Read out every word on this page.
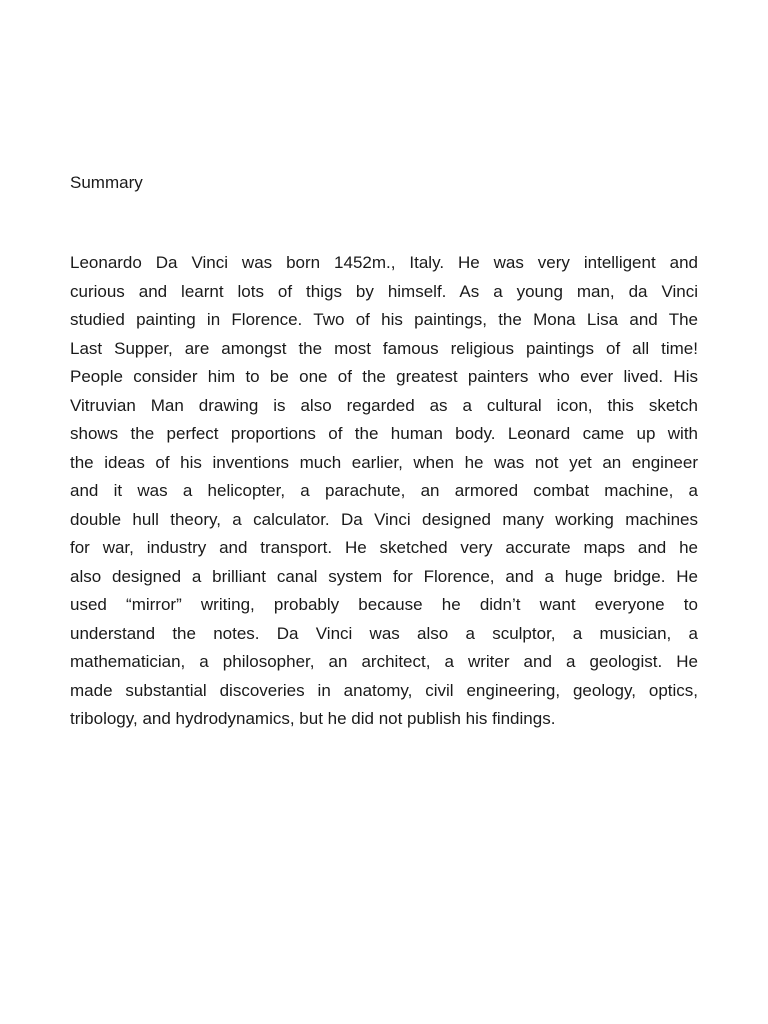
Summary
Leonardo Da Vinci was born 1452m., Italy. He was very intelligent and
curious and learnt lots of thigs by himself. As a young man, da Vinci
studied painting in Florence. Two of his paintings, the Mona Lisa and The
Last Supper, are amongst the most famous religious paintings of all time!
People consider him to be one of the greatest painters who ever lived. His
Vitruvian Man drawing is also regarded as a cultural icon, this sketch
shows the perfect proportions of the human body. Leonard came up with
the ideas of his inventions much earlier, when he was not yet an engineer
and it was a helicopter, a parachute, an armored combat machine, a
double hull theory, a calculator. Da Vinci designed many working machines
for war, industry and transport. He sketched very accurate maps and he
also designed a brilliant canal system for Florence, and a huge bridge. He
used “mirror” writing, probably because he didn’t want everyone to
understand the notes. Da Vinci was also a sculptor, a musician, a
mathematician, a philosopher, an architect, a writer and a geologist. He
made substantial discoveries in anatomy, civil engineering, geology, optics,
tribology, and hydrodynamics, but he did not publish his findings.
